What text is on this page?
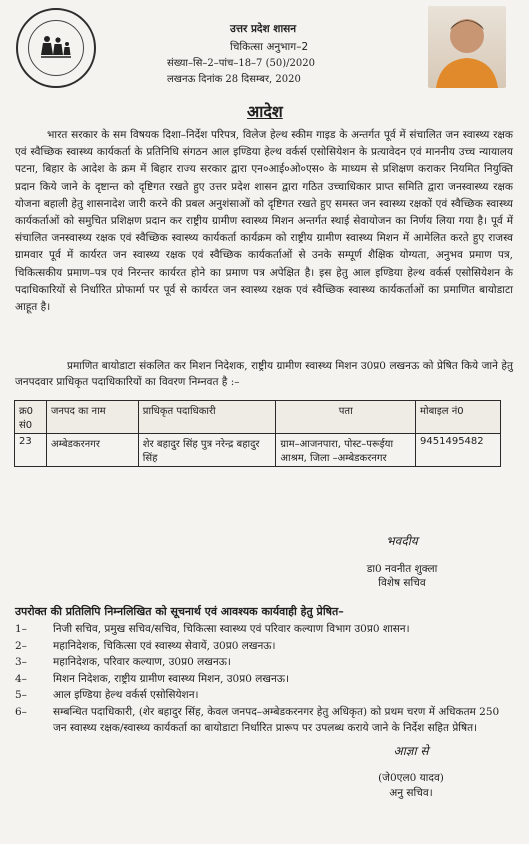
उत्तर प्रदेश शासन
चिकित्सा अनुभाग–2
संख्या–सि–2–पांच–18–7 (50)/2020
लखनऊ दिनांक 28 दिसम्बर, 2020
आदेश

भारत सरकार के सम विषयक दिशा–निर्देश परिपत्र, विलेज हेल्थ स्कीम गाइड के अन्तर्गत पूर्व में संचालित जन स्वास्थ्य रक्षक एवं स्वैच्छिक स्वास्थ्य कार्यकर्ता के प्रतिनिधि संगठन आल इण्डिया हेल्थ वर्कर्स एसोसियेशन के प्रत्यावेदन एवं माननीय उच्च न्यायालय पटना, बिहार के आदेश के क्रम में बिहार राज्य सरकार द्वारा एन०आई०ओ०एस० के माध्यम से प्रशिक्षण कराकर नियमित नियुक्ति प्रदान किये जाने के दृष्टान्त को दृष्टिगत रखते हुए उत्तर प्रदेश शासन द्वारा गठित उच्चाधिकार प्राप्त समिति द्वारा जनस्वास्थ्य रक्षक योजना बहाली हेतु शासनादेश जारी करने की प्रबल अनुशंसाओं को दृष्टिगत रखते हुए समस्त जन स्वास्थ्य रक्षकों एवं स्वैच्छिक स्वास्थ्य कार्यकर्ताओं को समुचित प्रशिक्षण प्रदान कर राष्ट्रीय ग्रामीण स्वास्थ्य मिशन अन्तर्गत स्थाई सेवायोजन का निर्णय लिया गया है। पूर्व में संचालित जनस्वास्थ्य रक्षक एवं स्वैच्छिक स्वास्थ्य कार्यकर्ता कार्यक्रम को राष्ट्रीय ग्रामीण स्वास्थ्य मिशन में आमेलित करते हुए राजस्व ग्रामवार पूर्व में कार्यरत जन स्वास्थ्य रक्षक एवं स्वैच्छिक कार्यकर्ताओं से उनके सम्पूर्ण शैक्षिक योग्यता, अनुभव प्रमाण पत्र, चिकित्सकीय प्रमाण–पत्र एवं निरन्तर कार्यरत होने का प्रमाण पत्र अपेक्षित है। इस हेतु आल इण्डिया हेल्थ वर्कर्स एसोसियेशन के पदाधिकारियों से निर्धारित प्रोफार्मा पर पूर्व से कार्यरत जन स्वास्थ्य रक्षक एवं स्वैच्छिक स्वास्थ्य कार्यकर्ताओं का प्रमाणित बायोडाटा आहूत है।

प्रमाणित बायोडाटा संकलित कर मिशन निदेशक, राष्ट्रीय ग्रामीण स्वास्थ्य मिशन उ0प्र0 लखनऊ को प्रेषित किये जाने हेतु जनपदवार प्राधिकृत पदाधिकारियों का विवरण निम्नवत है :–

क्र0 सं0	जनपद का नाम	प्राधिकृत पदाधिकारी	पता	मोबाइल नं0
23	अम्बेडकरनगर	शेर बहादुर सिंह पुत्र नरेन्द्र बहादुर सिंह	ग्राम–आजनपारा, पोस्ट–परूईया आश्रम, जिला –अम्बेडकरनगर	9451495482
भवदीय
डा0 नवनीत शुक्ला
विशेष सचिव
उपरोक्त की प्रतिलिपि निम्नलिखित को सूचनार्थ एवं आवश्यक कार्यवाही हेतु प्रेषित–
1– निजी सचिव, प्रमुख सचिव/सचिव, चिकित्सा स्वास्थ्य एवं परिवार कल्याण विभाग उ0प्र0 शासन।
2– महानिदेशक, चिकित्सा एवं स्वास्थ्य सेवायें, उ0प्र0 लखनऊ।
3– महानिदेशक, परिवार कल्याण, उ0प्र0 लखनऊ।
4– मिशन निदेशक, राष्ट्रीय ग्रामीण स्वास्थ्य मिशन, उ0प्र0 लखनऊ।
5– आल इण्डिया हेल्थ वर्कर्स एसोसियेशन।
6– सम्बन्धित पदाधिकारी, (शेर बहादुर सिंह, केवल जनपद–अम्बेडकरनगर हेतु अधिकृत) को प्रथम चरण में अधिकतम 250 जन स्वास्थ्य रक्षक/स्वास्थ्य कार्यकर्ता का बायोडाटा निर्धारित प्रारूप पर उपलब्ध कराये जाने के निर्देश सहित प्रेषित।
आज्ञा से
(जे0एल0 यादव)
अनु सचिव।
